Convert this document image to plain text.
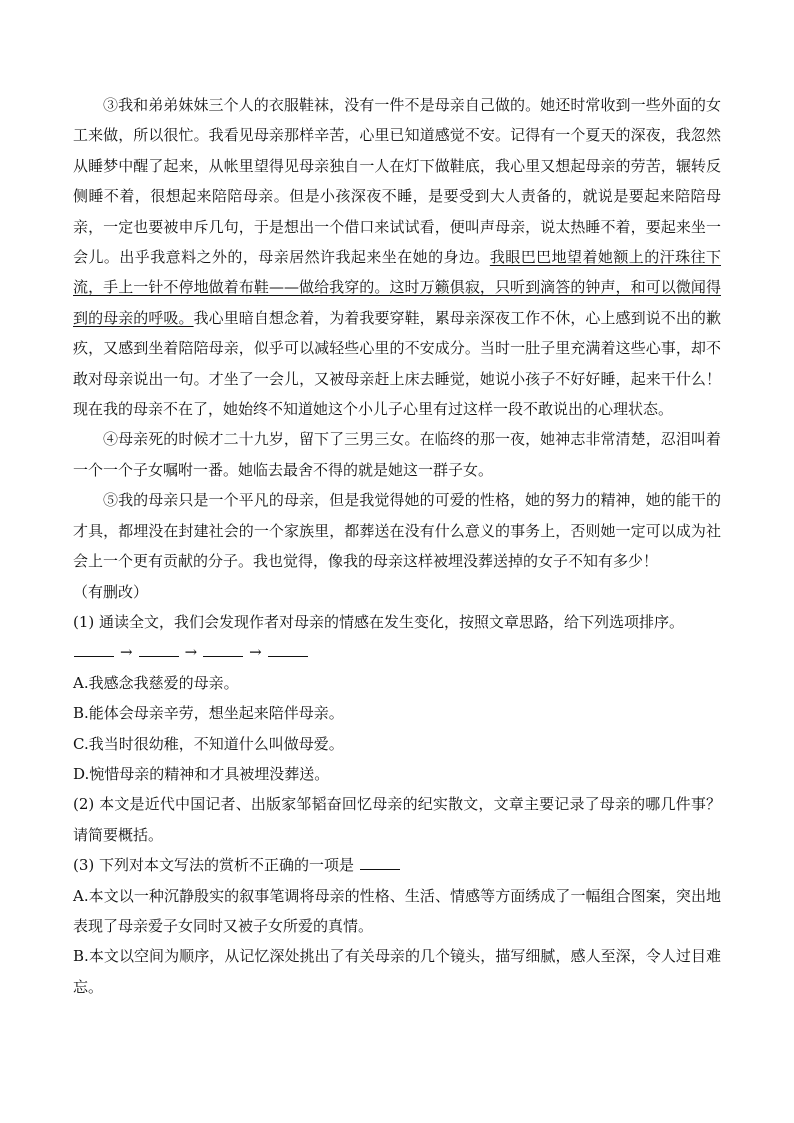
③我和弟弟妹妹三个人的衣服鞋袜，没有一件不是母亲自己做的。她还时常收到一些外面的女工来做，所以很忙。我看见母亲那样辛苦，心里已知道感觉不安。记得有一个夏天的深夜，我忽然从睡梦中醒了起来，从帐里望得见母亲独自一人在灯下做鞋底，我心里又想起母亲的劳苦，辗转反侧睡不着，很想起来陪陪母亲。但是小孩深夜不睡，是要受到大人责备的，就说是要起来陪陪母亲，一定也要被申斥几句，于是想出一个借口来试试看，便叫声母亲，说太热睡不着，要起来坐一会儿。出乎我意料之外的，母亲居然许我起来坐在她的身边。我眼巴巴地望着她额上的汗珠往下流，手上一针不停地做着布鞋——做给我穿的。这时万籁俱寂，只听到滴答的钟声，和可以微闻得到的母亲的呼吸。我心里暗自想念着，为着我要穿鞋，累母亲深夜工作不休，心上感到说不出的歉疚，又感到坐着陪陪母亲，似乎可以减轻些心里的不安成分。当时一肚子里充满着这些心事，却不敢对母亲说出一句。才坐了一会儿，又被母亲赶上床去睡觉，她说小孩子不好好睡，起来干什么！现在我的母亲不在了，她始终不知道她这个小儿子心里有过这样一段不敢说出的心理状态。

④母亲死的时候才二十九岁，留下了三男三女。在临终的那一夜，她神志非常清楚，忍泪叫着一个一个子女嘱咐一番。她临去最舍不得的就是她这一群子女。

⑤我的母亲只是一个平凡的母亲，但是我觉得她的可爱的性格，她的努力的精神，她的能干的才具，都埋没在封建社会的一个家族里，都葬送在没有什么意义的事务上，否则她一定可以成为社会上一个更有贡献的分子。我也觉得，像我的母亲这样被埋没葬送掉的女子不知有多少！

（有删改）

(1) 通读全文，我们会发现作者对母亲的情感在发生变化，按照文章思路，给下列选项排序。

→	→	→

A.我感念我慈爱的母亲。

B.能体会母亲辛劳，想坐起来陪伴母亲。

C.我当时很幼稚，不知道什么叫做母爱。

D.惋惜母亲的精神和才具被埋没葬送。

(2) 本文是近代中国记者、出版家邹韬奋回忆母亲的纪实散文，文章主要记录了母亲的哪几件事？请简要概括。

(3) 下列对本文写法的赏析不正确的一项是

A.本文以一种沉静殷实的叙事笔调将母亲的性格、生活、情感等方面绣成了一幅组合图案，突出地表现了母亲爱子女同时又被子女所爱的真情。

B.本文以空间为顺序，从记忆深处挑出了有关母亲的几个镜头，描写细腻，感人至深，令人过目难忘。
